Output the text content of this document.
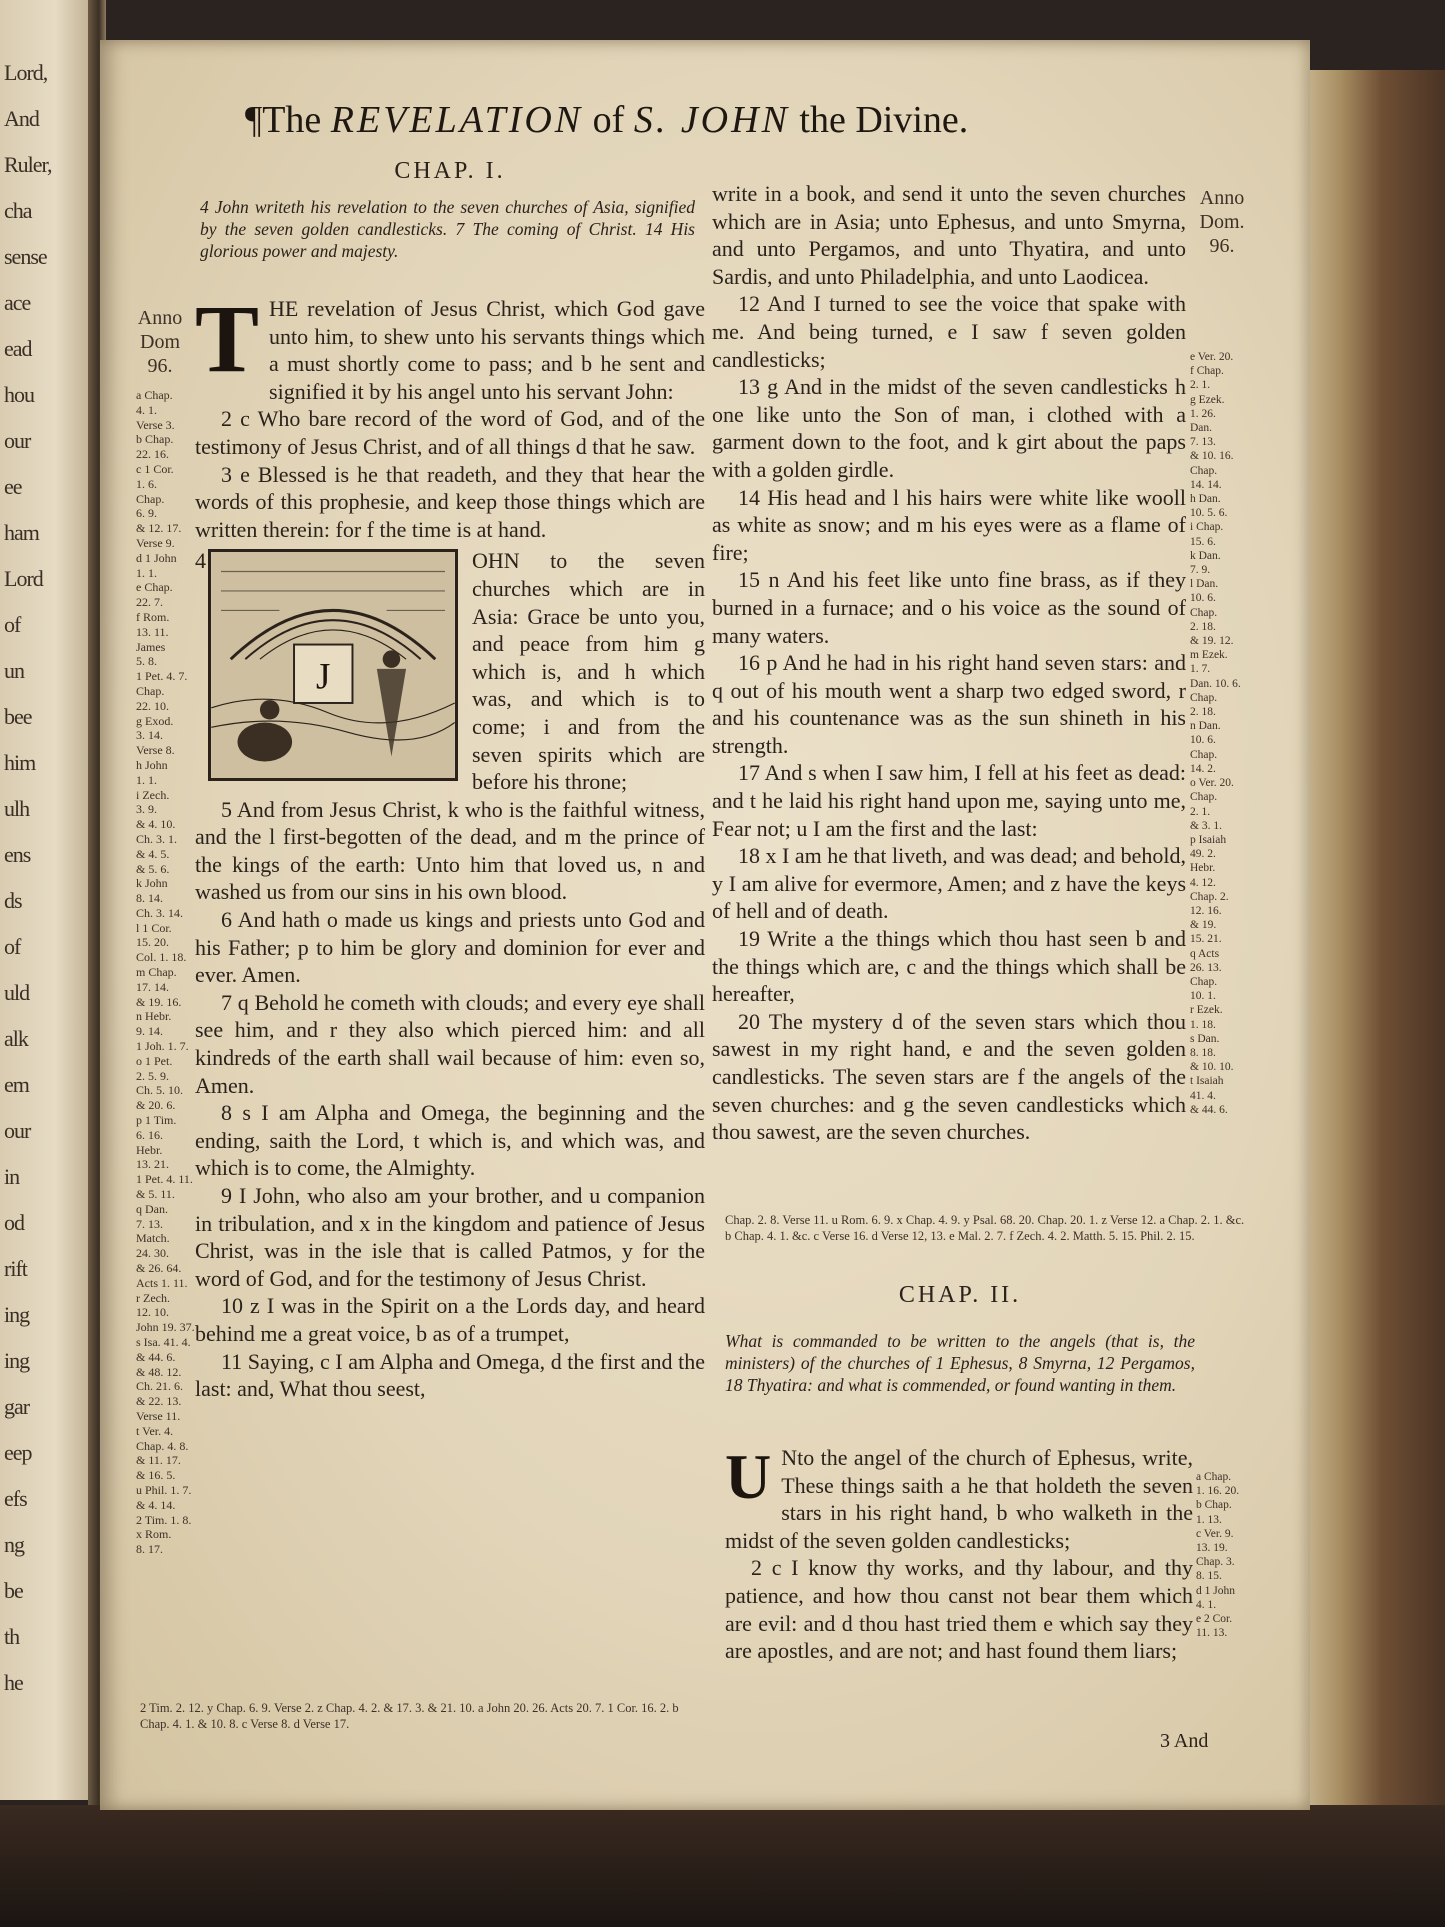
Lord,
And
Ruler,
cha
sense
ace
ead
hou
our
ee
ham
Lord
of
un
bee
him
ulh
ens
ds
of
uld
alk
em
our
in
od
rift
ing
ing
gar
eep
efs
ng
be
th
he
¶The REVELATION of S. JOHN the Divine.
CHAP. I.
4 John writeth his revelation to the seven churches of Asia, signified by the seven golden candlesticks. 7 The coming of Christ. 14 His glorious power and majesty.
Anno
Dom
96.
a Chap.
4. 1.
Verse 3.
b Chap.
22. 16.
c 1 Cor.
1. 6.
Chap.
6. 9.
& 12. 17.
Verse 9.
d 1 John
1. 1.
e Chap.
22. 7.
f Rom.
13. 11.
James
5. 8.
1 Pet. 4. 7.
Chap.
22. 10.
g Exod.
3. 14.
Verse 8.
h John
1. 1.
i Zech.
3. 9.
& 4. 10.
Ch. 3. 1.
& 4. 5.
& 5. 6.
k John
8. 14.
Ch. 3. 14.
l 1 Cor.
15. 20.
Col. 1. 18.
m Chap.
17. 14.
& 19. 16.
n Hebr.
9. 14.
1 Joh. 1. 7.
o 1 Pet.
2. 5. 9.
Ch. 5. 10.
& 20. 6.
p 1 Tim.
6. 16.
Hebr.
13. 21.
1 Pet. 4. 11.
& 5. 11.
q Dan.
7. 13.
Match.
24. 30.
& 26. 64.
Acts 1. 11.
r Zech.
12. 10.
John 19. 37.
s Isa. 41. 4.
& 44. 6.
& 48. 12.
Ch. 21. 6.
& 22. 13.
Verse 11.
t Ver. 4.
Chap. 4. 8.
& 11. 17.
& 16. 5.
u Phil. 1. 7.
& 4. 14.
2 Tim. 1. 8.
x Rom.
8. 17.

THE revelation of Jesus Christ, which God gave unto him, to shew unto his servants things which a must shortly come to pass; and b he sent and signified it by his angel unto his servant John:

2 c Who bare record of the word of God, and of the testimony of Jesus Christ, and of all things d that he saw.

3 e Blessed is he that readeth, and they that hear the words of this prophesie, and keep those things which are written therein: for f the time is at hand.

4
J
OHN to the seven churches which are in Asia: Grace be unto you, and peace from him g which is, and h which was, and which is to come; i and from the seven spirits which are before his throne;

5 And from Jesus Christ, k who is the faithful witness, and the l first-begotten of the dead, and m the prince of the kings of the earth: Unto him that loved us, n and washed us from our sins in his own blood.

6 And hath o made us kings and priests unto God and his Father; p to him be glory and dominion for ever and ever. Amen.

7 q Behold he cometh with clouds; and every eye shall see him, and r they also which pierced him: and all kindreds of the earth shall wail because of him: even so, Amen.

8 s I am Alpha and Omega, the beginning and the ending, saith the Lord, t which is, and which was, and which is to come, the Almighty.

9 I John, who also am your brother, and u companion in tribulation, and x in the kingdom and patience of Jesus Christ, was in the isle that is called Patmos, y for the word of God, and for the testimony of Jesus Christ.

10 z I was in the Spirit on a the Lords day, and heard behind me a great voice, b as of a trumpet,

11 Saying, c I am Alpha and Omega, d the first and the last: and, What thou seest,

2 Tim. 2. 12. y Chap. 6. 9. Verse 2. z Chap. 4. 2. & 17. 3. & 21. 10. a John 20. 26. Acts 20. 7. 1 Cor. 16. 2. b Chap. 4. 1. & 10. 8. c Verse 8. d Verse 17.

write in a book, and send it unto the seven churches which are in Asia; unto Ephesus, and unto Smyrna, and unto Pergamos, and unto Thyatira, and unto Sardis, and unto Philadelphia, and unto Laodicea.

12 And I turned to see the voice that spake with me. And being turned, e I saw f seven golden candlesticks;

13 g And in the midst of the seven candlesticks h one like unto the Son of man, i clothed with a garment down to the foot, and k girt about the paps with a golden girdle.

14 His head and l his hairs were white like wooll as white as snow; and m his eyes were as a flame of fire;

15 n And his feet like unto fine brass, as if they burned in a furnace; and o his voice as the sound of many waters.

16 p And he had in his right hand seven stars: and q out of his mouth went a sharp two edged sword, r and his countenance was as the sun shineth in his strength.

17 And s when I saw him, I fell at his feet as dead: and t he laid his right hand upon me, saying unto me, Fear not; u I am the first and the last:

18 x I am he that liveth, and was dead; and behold, y I am alive for evermore, Amen; and z have the keys of hell and of death.

19 Write a the things which thou hast seen b and the things which are, c and the things which shall be hereafter,

20 The mystery d of the seven stars which thou sawest in my right hand, e and the seven golden candlesticks. The seven stars are f the angels of the seven churches: and g the seven candlesticks which thou sawest, are the seven churches.

Anno
Dom.
96.
e Ver. 20.
f Chap.
2. 1.
g Ezek.
1. 26.
Dan.
7. 13.
& 10. 16.
Chap.
14. 14.
h Dan.
10. 5. 6.
i Chap.
15. 6.
k Dan.
7. 9.
l Dan.
10. 6.
Chap.
2. 18.
& 19. 12.
m Ezek.
1. 7.
Dan. 10. 6.
Chap.
2. 18.
n Dan.
10. 6.
Chap.
14. 2.
o Ver. 20.
Chap.
2. 1.
& 3. 1.
p Isaiah
49. 2.
Hebr.
4. 12.
Chap. 2.
12. 16.
& 19.
15. 21.
q Acts
26. 13.
Chap.
10. 1.
r Ezek.
1. 18.
s Dan.
8. 18.
& 10. 10.
t Isaiah
41. 4.
& 44. 6.
Chap. 2. 8. Verse 11. u Rom. 6. 9. x Chap. 4. 9. y Psal. 68. 20. Chap. 20. 1. z Verse 12. a Chap. 2. 1. &c. b Chap. 4. 1. &c. c Verse 16. d Verse 12, 13. e Mal. 2. 7. f Zech. 4. 2. Matth. 5. 15. Phil. 2. 15.
CHAP. II.
What is commanded to be written to the angels (that is, the ministers) of the churches of 1 Ephesus, 8 Smyrna, 12 Pergamos, 18 Thyatira: and what is commended, or found wanting in them.

U Nto the angel of the church of Ephesus, write, These things saith a he that holdeth the seven stars in his right hand, b who walketh in the midst of the seven golden candlesticks;

2 c I know thy works, and thy labour, and thy patience, and how thou canst not bear them which are evil: and d thou hast tried them e which say they are apostles, and are not; and hast found them liars;

a Chap.
1. 16. 20.
b Chap.
1. 13.
c Ver. 9.
13. 19.
Chap. 3.
8. 15.
d 1 John
4. 1.
e 2 Cor.
11. 13.
3 And
